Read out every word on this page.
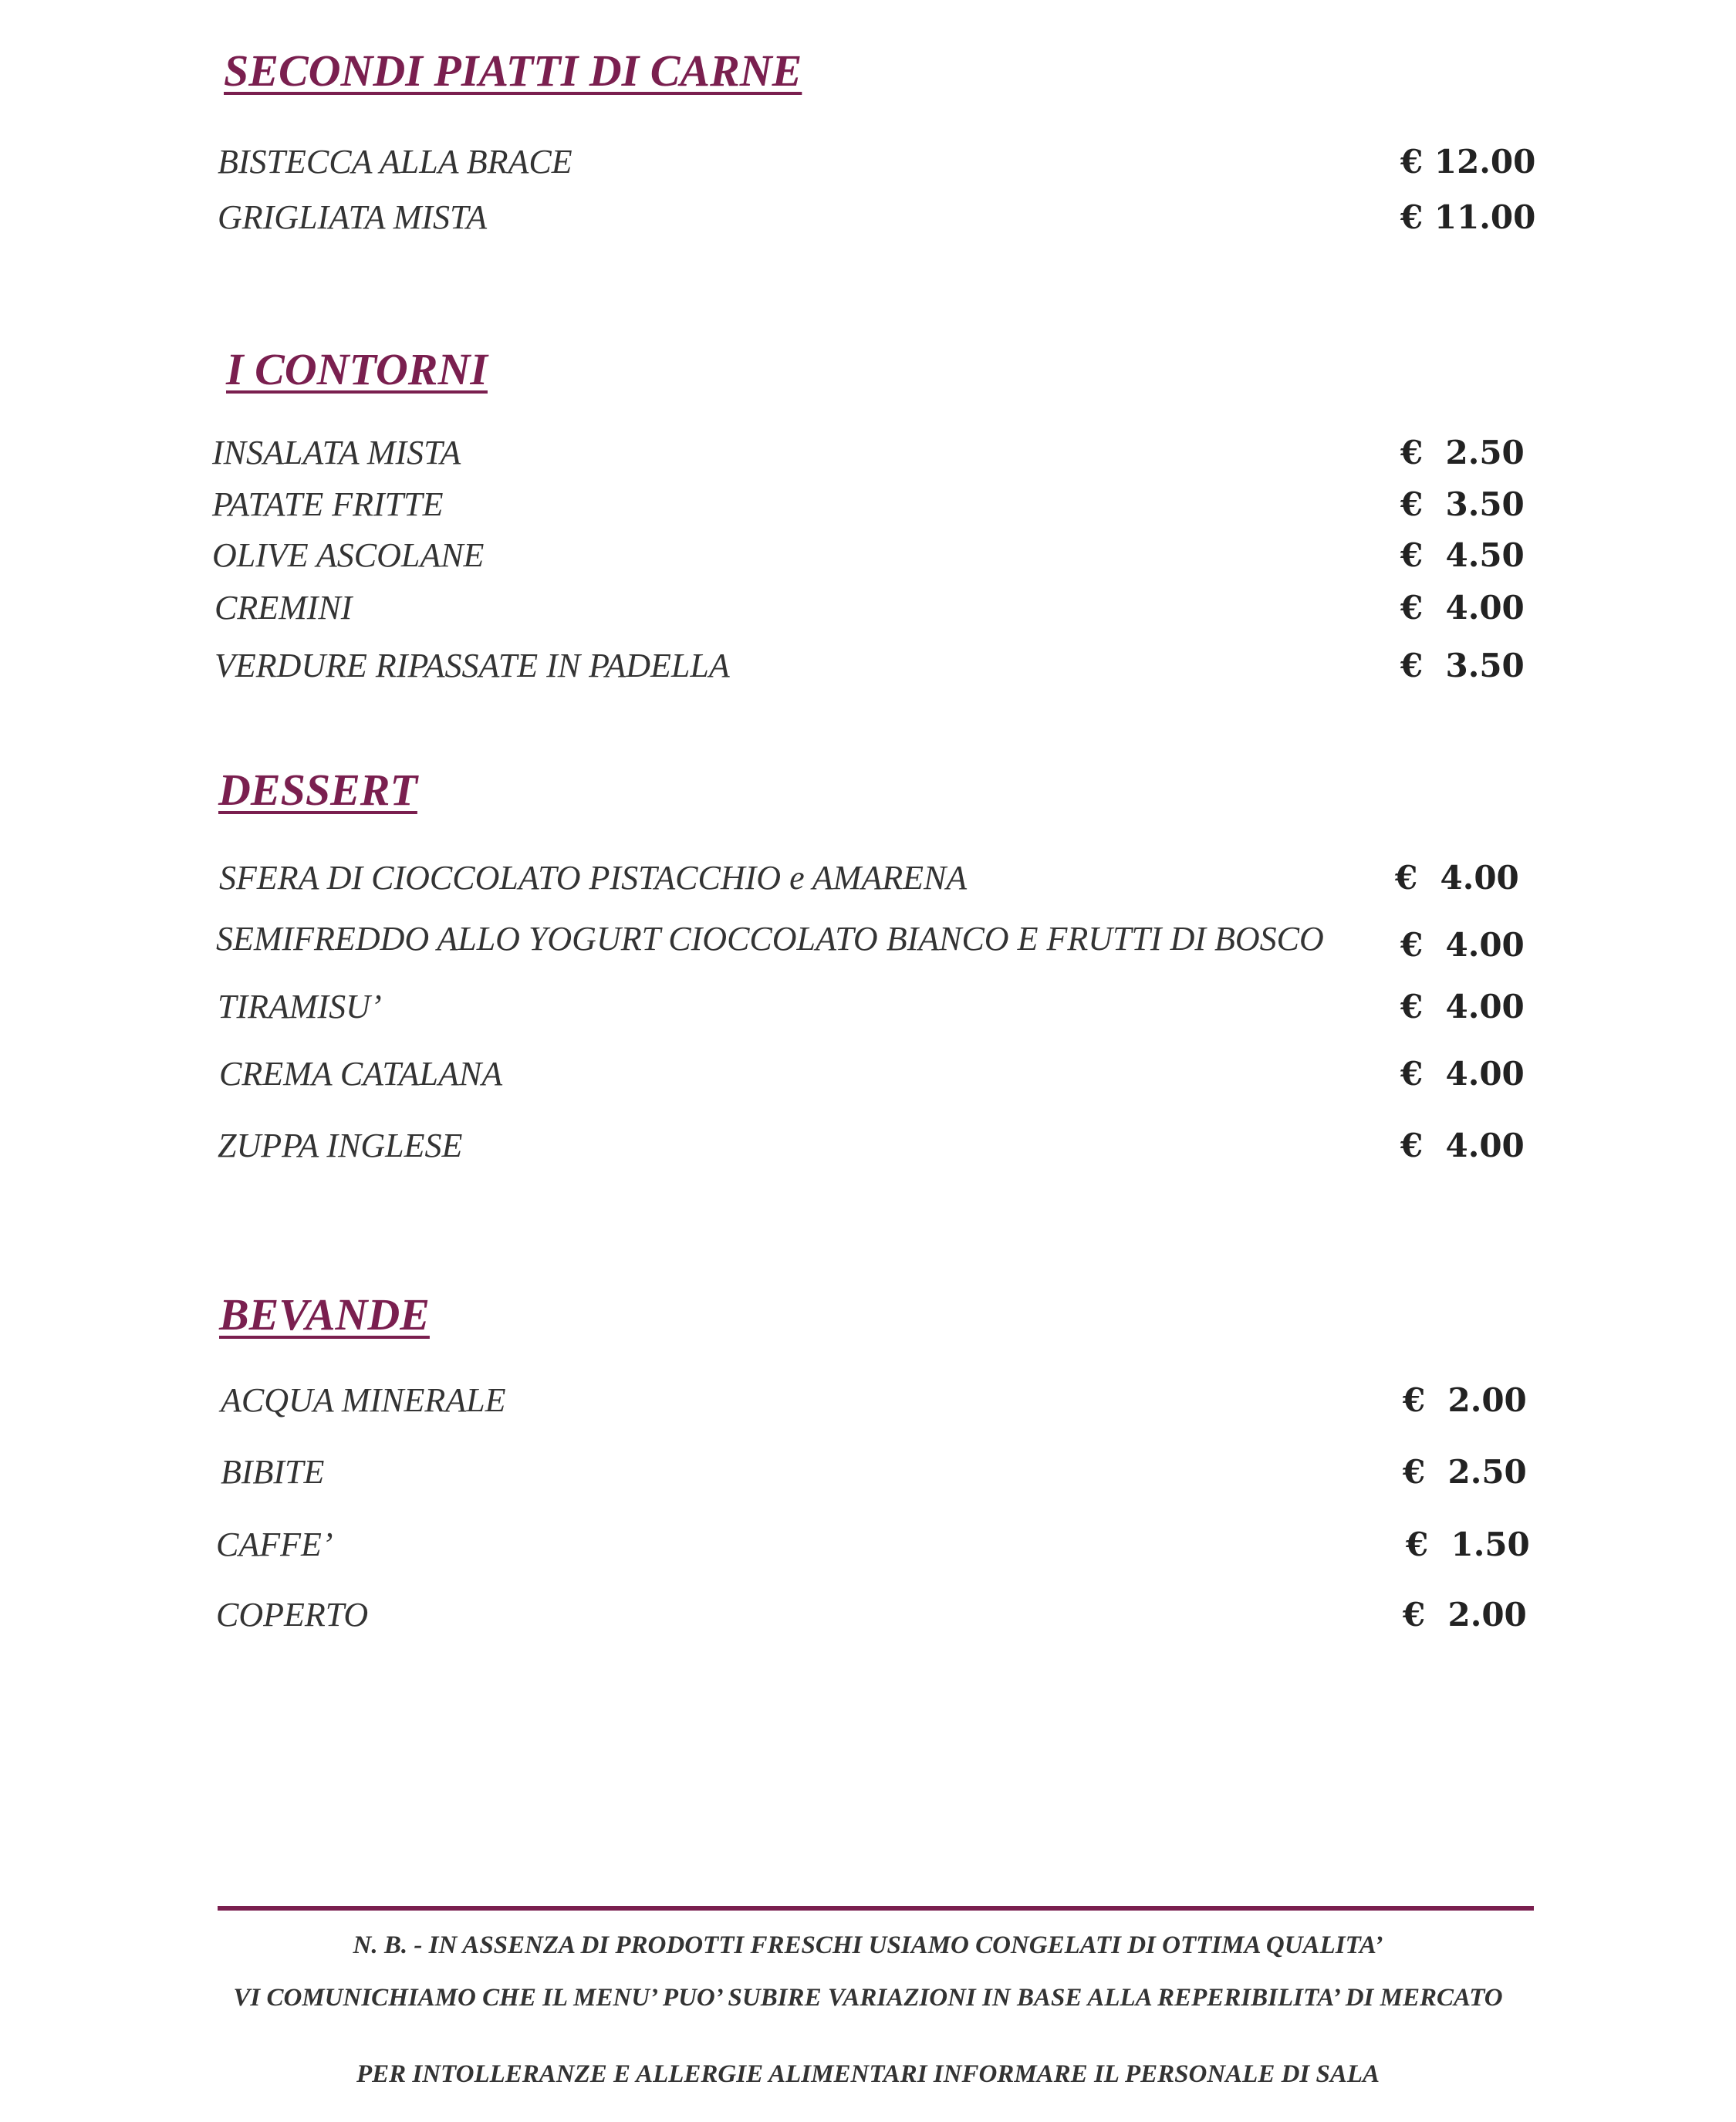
SECONDI PIATTI DI CARNE
BISTECCA ALLA BRACE	€ 12.00
GRIGLIATA MISTA	€ 11.00
I CONTORNI
INSALATA MISTA	€  2.50
PATATE FRITTE	€  3.50
OLIVE ASCOLANE	€  4.50
CREMINI	€  4.00
VERDURE RIPASSATE IN PADELLA	€  3.50
DESSERT
SFERA DI CIOCCOLATO PISTACCHIO e AMARENA	€  4.00
SEMIFREDDO ALLO YOGURT CIOCCOLATO BIANCO E FRUTTI DI BOSCO €  4.00
TIRAMISU’	€  4.00
CREMA CATALANA	€  4.00
ZUPPA INGLESE	€  4.00
BEVANDE
ACQUA MINERALE	€  2.00
BIBITE	€  2.50
CAFFE’	€  1.50
COPERTO	€  2.00

N. B. - IN ASSENZA DI PRODOTTI FRESCHI USIAMO CONGELATI DI OTTIMA QUALITA’

VI COMUNICHIAMO CHE IL MENU’ PUO’ SUBIRE VARIAZIONI IN BASE ALLA REPERIBILITA’ DI MERCATO

PER INTOLLERANZE E ALLERGIE ALIMENTARI INFORMARE IL PERSONALE DI SALA
